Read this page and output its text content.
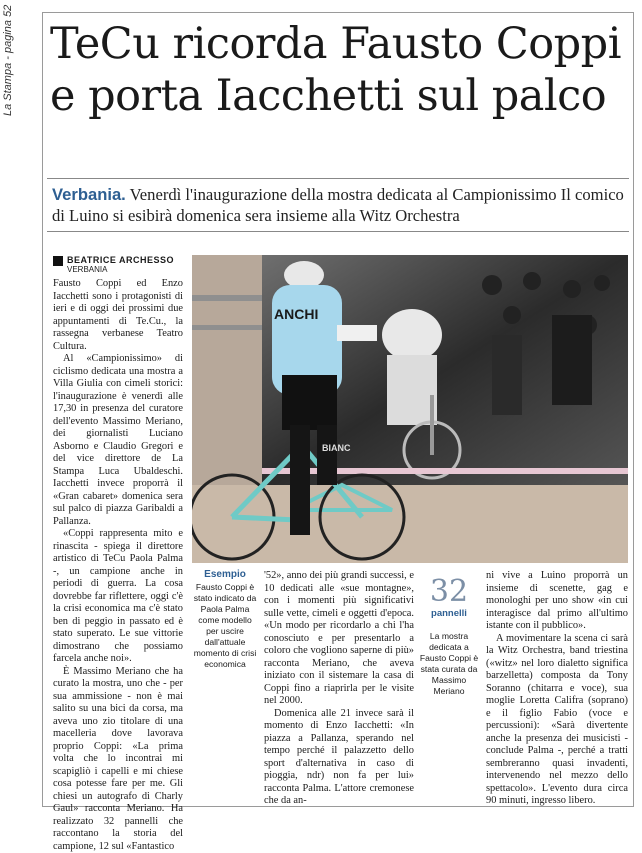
La Stampa - pagina 52 TeCu ricorda Fausto Coppi e porta Iacchetti sul palco
Verbania. Venerdì l'inaugurazione della mostra dedicata al Campionissimo Il comico di Luino si esibirà domenica sera insieme alla Witz Orchestra
BEATRICE ARCHESSO
VERBANIA

Fausto Coppi ed Enzo Iacchetti sono i protagonisti di ieri e di oggi dei prossimi due appuntamenti di Te.Cu., la rassegna verbanese Teatro Cultura.

Al «Campionissimo» di ciclismo dedicata una mostra a Villa Giulia con cimeli storici: l'inaugurazione è venerdì alle 17,30 in presenza del curatore dell'evento Massimo Meriano, dei giornalisti Luciano Asborno e Claudio Gregori e del vice direttore de La Stampa Luca Ubaldeschi. Iacchetti invece proporrà il «Gran cabaret» domenica sera sul palco di piazza Garibaldi a Pallanza.

«Coppi rappresenta mito e rinascita - spiega il direttore artistico di TeCu Paola Palma -, un campione anche in periodi di guerra. La cosa dovrebbe far riflettere, oggi c'è la crisi economica ma c'è stato ben di peggio in passato ed è stato superato. Le sue vittorie dimostrano che possiamo farcela anche noi».

È Massimo Meriano che ha curato la mostra, uno che - per sua ammissione - non è mai salito su una bici da corsa, ma aveva uno zio titolare di una macelleria dove lavorava proprio Coppi: «La prima volta che lo incontrai mi scapigliò i capelli e mi chiese cosa potesse fare per me. Gli chiesi un autografo di Charly Gaul» racconta Meriano. Ha realizzato 32 pannelli che raccontano la storia del campione, 12 sul «Fantastico

ANCHI
BIANC
Esempio
Fausto Coppi è stato indicato da Paola Palma come modello per uscire dall'attuale momento di crisi economica

'52», anno dei più grandi successi, e 10 dedicati alle «sue montagne», con i momenti più significativi sulle vette, cimeli e oggetti d'epoca. «Un modo per ricordarlo a chi l'ha conosciuto e per presentarlo a coloro che vogliono saperne di più» racconta Meriano, che aveva iniziato con il sistemare la casa di Coppi fino a riaprirla per le visite nel 2000.

Domenica alle 21 invece sarà il momento di Enzo Iacchetti: «In piazza a Pallanza, sperando nel tempo perché il palazzetto dello sport d'alternativa in caso di pioggia, ndr) non fa per lui» racconta Palma. L'attore cremonese che da an-

32
pannelli
La mostra dedicata a Fausto Coppi è stata curata da Massimo Meriano

ni vive a Luino proporrà un insieme di scenette, gag e monologhi per uno show «in cui interagisce dal primo all'ultimo istante con il pubblico».

A movimentare la scena ci sarà la Witz Orchestra, band triestina («witz» nel loro dialetto significa barzelletta) composta da Tony Soranno (chitarra e voce), sua moglie Loretta Califra (soprano) e il figlio Fabio (voce e percussioni): «Sarà divertente anche la presenza dei musicisti - conclude Palma -, perché a tratti sembreranno quasi invadenti, intervenendo nel mezzo dello spettacolo». L'evento dura circa 90 minuti, ingresso libero.
